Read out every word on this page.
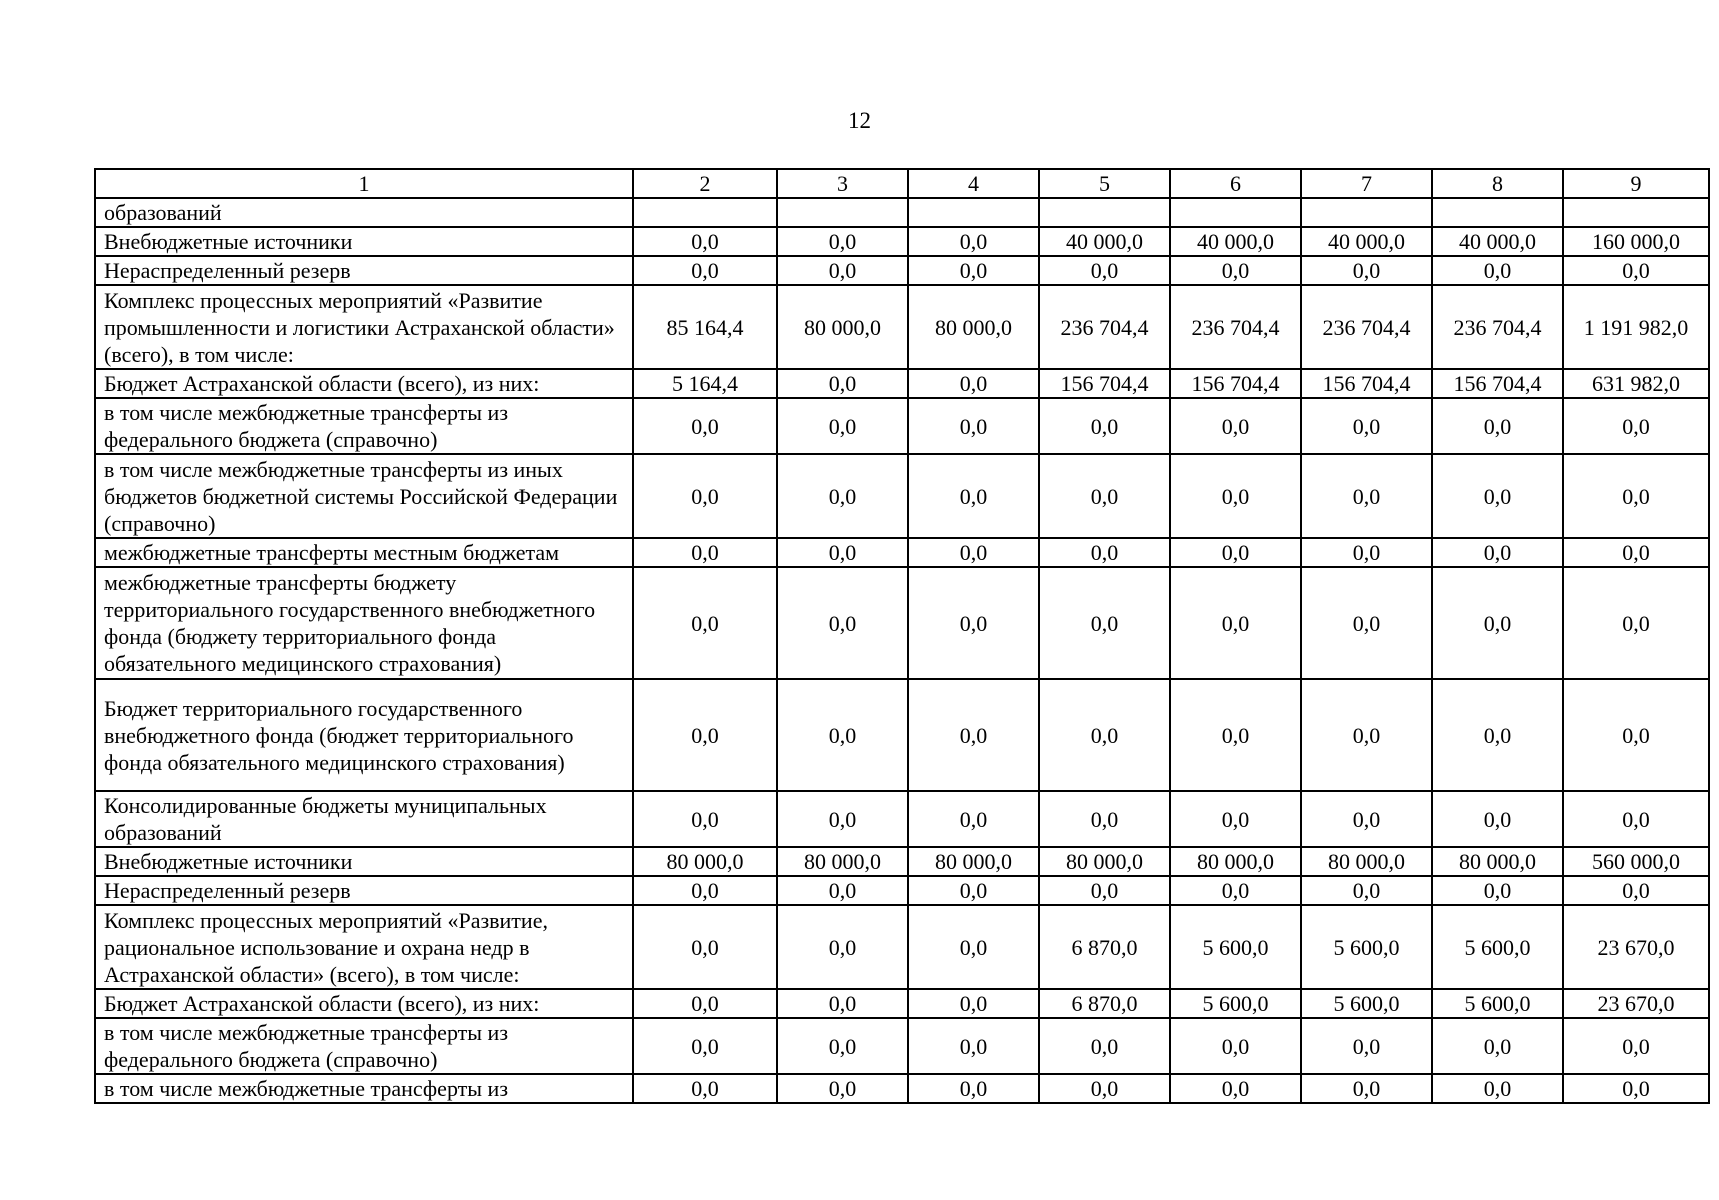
12
1	2	3	4	5	6	7	8	9
образований								
Внебюджетные источники	0,0	0,0	0,0	40 000,0	40 000,0	40 000,0	40 000,0	160 000,0
Нераспределенный резерв	0,0	0,0	0,0	0,0	0,0	0,0	0,0	0,0
Комплекс процессных мероприятий «Развитие промышленности и логистики Астраханской области» (всего), в том числе:	85 164,4	80 000,0	80 000,0	236 704,4	236 704,4	236 704,4	236 704,4	1 191 982,0
Бюджет Астраханской области (всего), из них:	5 164,4	0,0	0,0	156 704,4	156 704,4	156 704,4	156 704,4	631 982,0
в том числе межбюджетные трансферты из федерального бюджета (справочно)	0,0	0,0	0,0	0,0	0,0	0,0	0,0	0,0
в том числе межбюджетные трансферты из иных бюджетов бюджетной системы Российской Федерации (справочно)	0,0	0,0	0,0	0,0	0,0	0,0	0,0	0,0
межбюджетные трансферты местным бюджетам	0,0	0,0	0,0	0,0	0,0	0,0	0,0	0,0
межбюджетные трансферты бюджету территориального государственного внебюджетного фонда (бюджету территориального фонда обязательного медицинского страхования)	0,0	0,0	0,0	0,0	0,0	0,0	0,0	0,0
Бюджет территориального государственного внебюджетного фонда (бюджет территориального фонда обязательного медицинского страхования)	0,0	0,0	0,0	0,0	0,0	0,0	0,0	0,0
Консолидированные бюджеты муниципальных образований	0,0	0,0	0,0	0,0	0,0	0,0	0,0	0,0
Внебюджетные источники	80 000,0	80 000,0	80 000,0	80 000,0	80 000,0	80 000,0	80 000,0	560 000,0
Нераспределенный резерв	0,0	0,0	0,0	0,0	0,0	0,0	0,0	0,0
Комплекс процессных мероприятий «Развитие, рациональное использование и охрана недр в Астраханской области» (всего), в том числе:	0,0	0,0	0,0	6 870,0	5 600,0	5 600,0	5 600,0	23 670,0
Бюджет Астраханской области (всего), из них:	0,0	0,0	0,0	6 870,0	5 600,0	5 600,0	5 600,0	23 670,0
в том числе межбюджетные трансферты из федерального бюджета (справочно)	0,0	0,0	0,0	0,0	0,0	0,0	0,0	0,0
в том числе межбюджетные трансферты из	0,0	0,0	0,0	0,0	0,0	0,0	0,0	0,0
